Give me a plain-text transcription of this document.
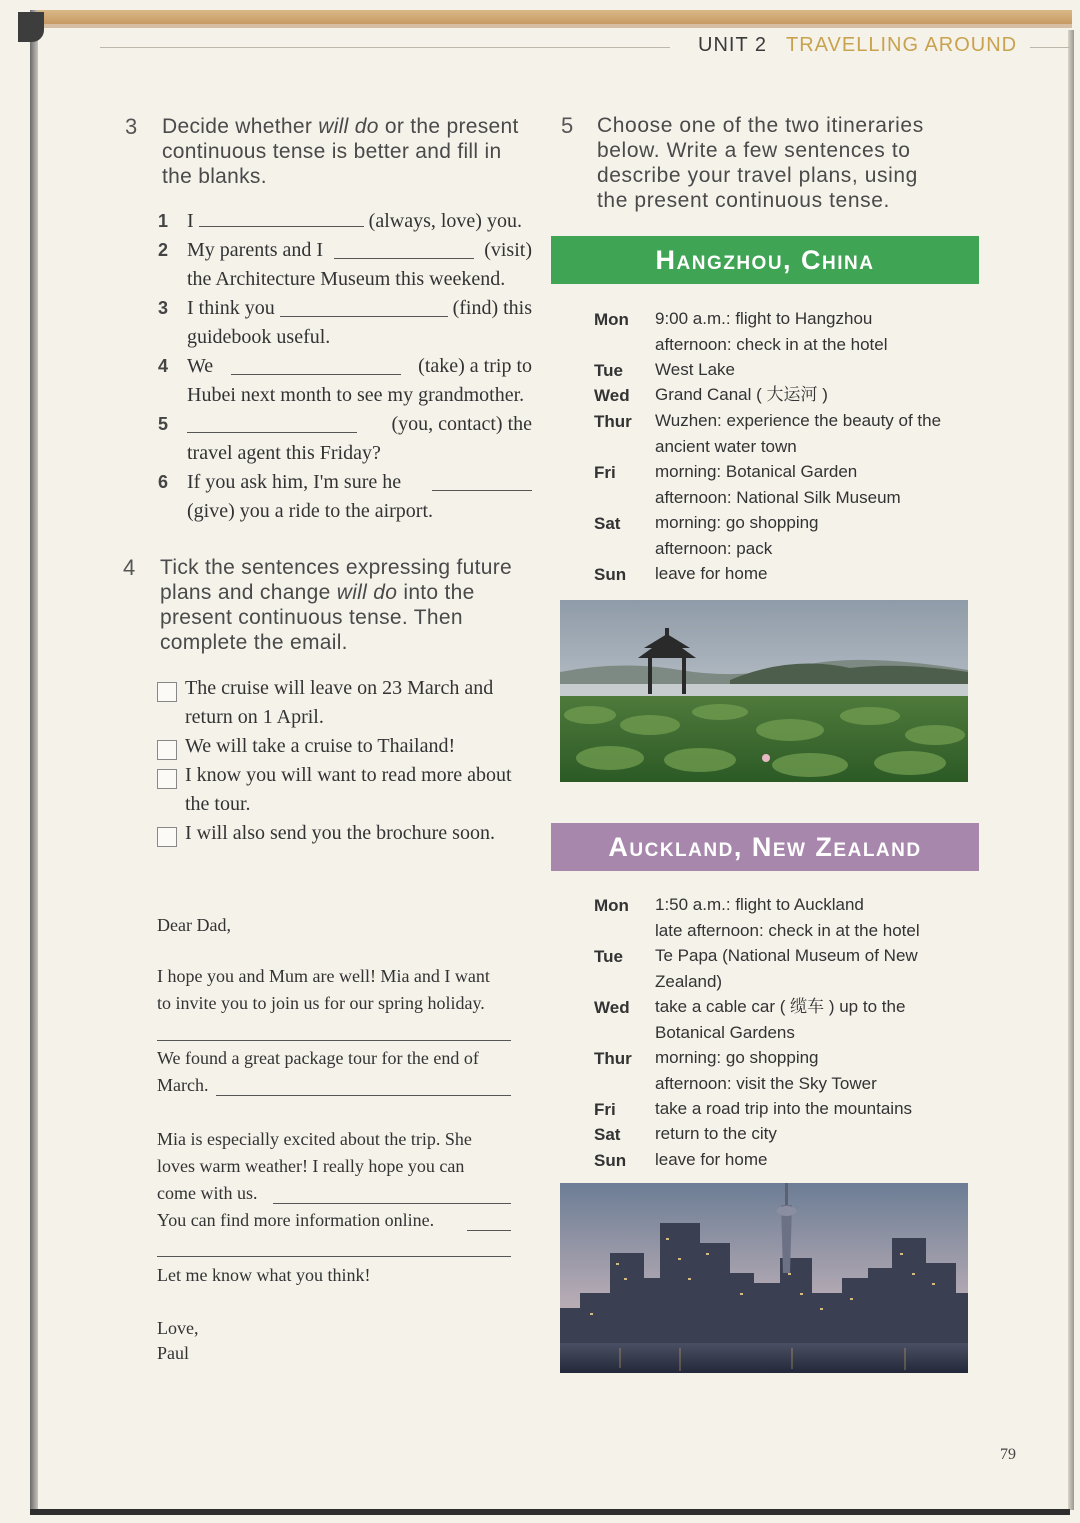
UNIT 2 TRAVELLING AROUND
3 Decide whether will do or the present continuous tense is better and fill in the blanks.
1 I	(always, love) you.
2 My parents and I	(visit)
the Architecture Museum this weekend.
3 I think you	(find) this
guidebook useful.
4 We	(take) a trip to
Hubei next month to see my grandmother.
5	(you, contact) the
travel agent this Friday?
6 If you ask him, I'm sure he
(give) you a ride to the airport.
4 Tick the sentences expressing future plans and change will do into the present continuous tense. Then complete the email.
The cruise will leave on 23 March and
return on 1 April.
We will take a cruise to Thailand!
I know you will want to read more about
the tour.
I will also send you the brochure soon.
Dear Dad,
I hope you and Mum are well! Mia and I want
to invite you to join us for our spring holiday.
We found a great package tour for the end of
March.
Mia is especially excited about the trip. She
loves warm weather! I really hope you can
come with us.
You can find more information online.
Let me know what you think!
Love,
Paul
5 Choose one of the two itineraries below. Write a few sentences to describe your travel plans, using the present continuous tense.
Hangzhou, China
Mon 9:00 a.m.: flight to Hangzhou
afternoon: check in at the hotel
Tue West Lake
Wed Grand Canal ( 大运河 )
Thur Wuzhen: experience the beauty of the
ancient water town
Fri morning: Botanical Garden
afternoon: National Silk Museum
Sat morning: go shopping
afternoon: pack
Sun leave for home
Auckland, New Zealand
Mon 1:50 a.m.: flight to Auckland
late afternoon: check in at the hotel
Tue Te Papa (National Museum of New
Zealand)
Wed take a cable car ( 缆车 ) up to the
Botanical Gardens
Thur morning: go shopping
afternoon: visit the Sky Tower
Fri take a road trip into the mountains
Sat return to the city
Sun leave for home
79
